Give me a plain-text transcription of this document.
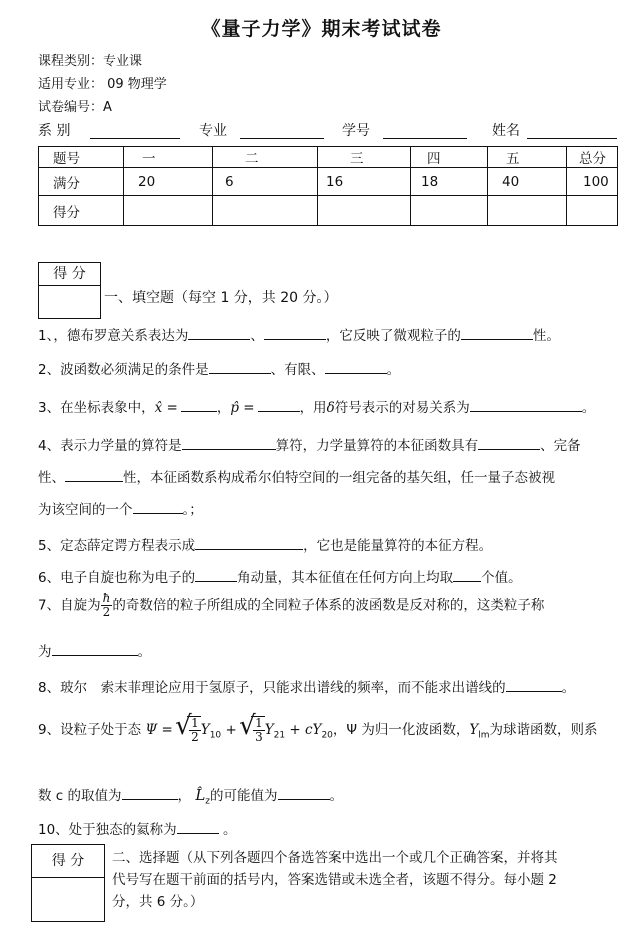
《量子力学》期末考试试卷
课程类别：专业课
适用专业： 09 物理学
试卷编号：A
系 别	专业	学号	姓名
题号	一	二	三	四	五	总分
满分	20	6	16	18	40	100
得分						
得 分
一、填空题（每空 1 分，共 20 分。）
1、，德布罗意关系表达为	、	，它反映了微观粒子的	性。
2、波函数必须满足的条件是	、有限、	。
3、在坐标表象中，x̂ =	，p̂ =	，用δ符号表示的对易关系为	。
4、表示力学量的算符是	算符，力学量算符的本征函数具有	、完备
性、	性，本征函数系构成希尔伯特空间的一组完备的基矢组，任一量子态被视
为该空间的一个	。；
5、定态薛定谔方程表示成	，它也是能量算符的本征方程。
6、电子自旋也称为电子的	角动量，其本征值在任何方向上均取 个值。
7、自旋为 $\frac{ħ}{2}$ 的奇数倍的粒子所组成的全同粒子体系的波函数是反对称的，这类粒子称
为	。
8、玻尔　索末菲理论应用于氢原子，只能求出谱线的频率，而不能求出谱线的	。
9、设粒子处于态 Ψ = √ $\frac{1}{2} Y_{10}$ + √ $\frac{1}{3} Y_{21} + cY_{20}$，Ψ 为归一化波函数，$Y_{lm}$为球谐函数，则系
数 c 的取值为	， $L̂_z$的可能值为	。
10、处于独态的氦称为	。
得 分	二、选择题（从下列各题四个备选答案中选出一个或几个正确答案，并将其
代号写在题干前面的括号内，答案选错或未选全者，该题不得分。每小题 2
分，共 6 分。）
